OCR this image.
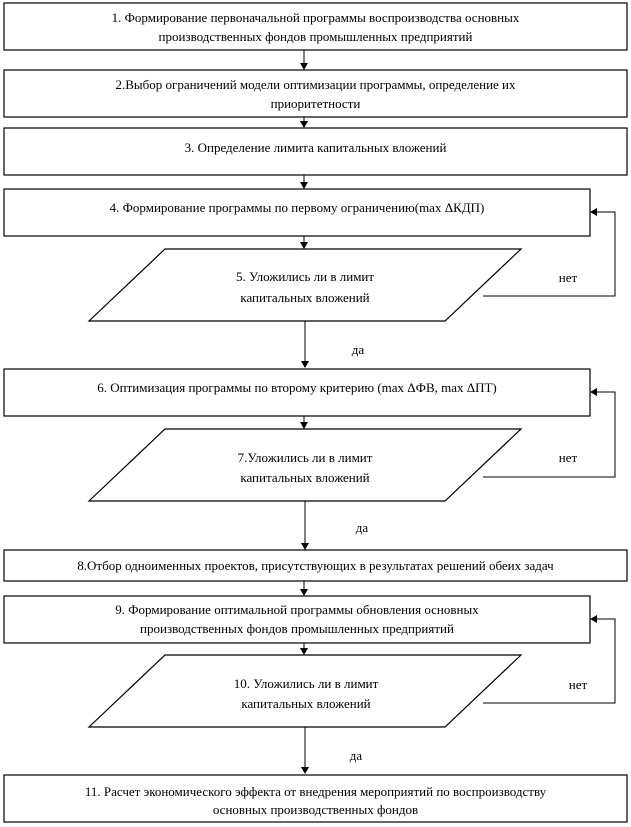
1. Формирование первоначальной программы воспроизводства основных
производственных фондов промышленных предприятий
2.Выбор ограничений модели оптимизации программы, определение их
приоритетности
3. Определение лимита капитальных вложений
4. Формирование программы по первому ограничению(max ΔКДП)
5. Уложились ли в лимит
капитальных вложений
нет
да
6. Оптимизация программы по второму критерию (max ΔФВ, max ΔПТ)
7.Уложились ли в лимит
капитальных вложений
нет
да
8.Отбор одноименных проектов, присутствующих в результатах решений обеих задач
9. Формирование оптимальной программы обновления основных
производственных фондов промышленных предприятий
10. Уложились ли в лимит
капитальных вложений
нет
да
11. Расчет экономического эффекта от внедрения мероприятий по воспроизводству
основных производственных фондов
